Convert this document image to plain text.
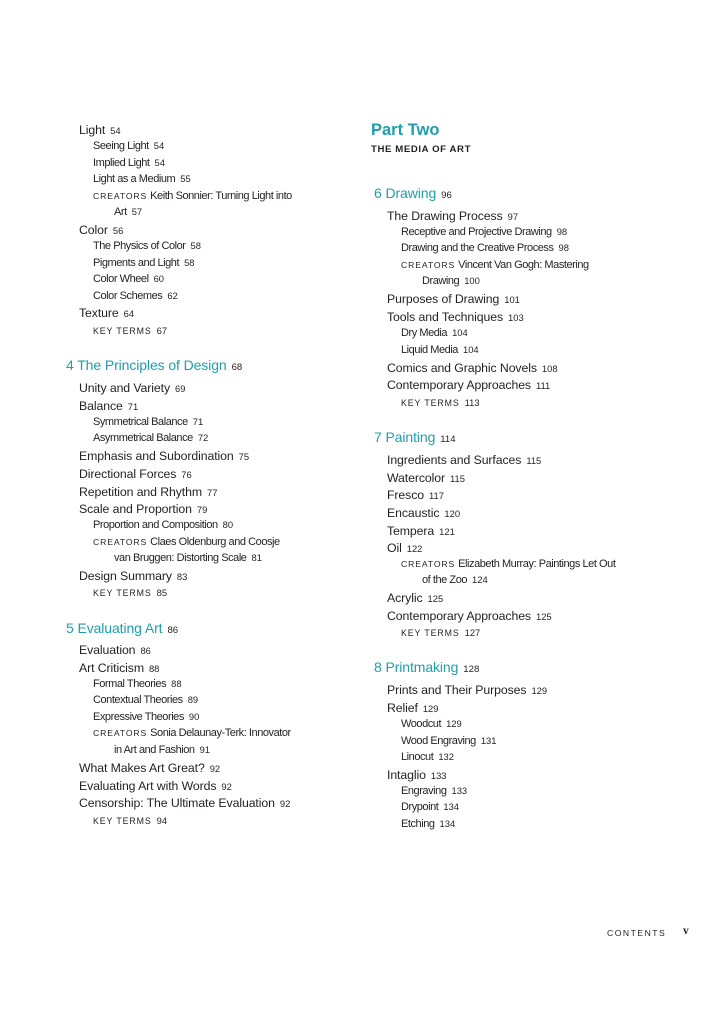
Light 54
Seeing Light 54
Implied Light 54
Light as a Medium 55
CREATORS Keith Sonnier: Turning Light into
Art 57
Color 56
The Physics of Color 58
Pigments and Light 58
Color Wheel 60
Color Schemes 62
Texture 64
KEY TERMS 67
4 The Principles of Design 68
Unity and Variety 69
Balance 71
Symmetrical Balance 71
Asymmetrical Balance 72
Emphasis and Subordination 75
Directional Forces 76
Repetition and Rhythm 77
Scale and Proportion 79
Proportion and Composition 80
CREATORS Claes Oldenburg and Coosje
van Bruggen: Distorting Scale 81
Design Summary 83
KEY TERMS 85
5 Evaluating Art 86
Evaluation 86
Art Criticism 88
Formal Theories 88
Contextual Theories 89
Expressive Theories 90
CREATORS Sonia Delaunay-Terk: Innovator
in Art and Fashion 91
What Makes Art Great? 92
Evaluating Art with Words 92
Censorship: The Ultimate Evaluation 92
KEY TERMS 94
Part Two
THE MEDIA OF ART
6 Drawing 96
The Drawing Process 97
Receptive and Projective Drawing 98
Drawing and the Creative Process 98
CREATORS Vincent Van Gogh: Mastering
Drawing 100
Purposes of Drawing 101
Tools and Techniques 103
Dry Media 104
Liquid Media 104
Comics and Graphic Novels 108
Contemporary Approaches 111
KEY TERMS 113
7 Painting 114
Ingredients and Surfaces 115
Watercolor 115
Fresco 117
Encaustic 120
Tempera 121
Oil 122
CREATORS Elizabeth Murray: Paintings Let Out
of the Zoo 124
Acrylic 125
Contemporary Approaches 125
KEY TERMS 127
8 Printmaking 128
Prints and Their Purposes 129
Relief 129
Woodcut 129
Wood Engraving 131
Linocut 132
Intaglio 133
Engraving 133
Drypoint 134
Etching 134
CONTENTS v
